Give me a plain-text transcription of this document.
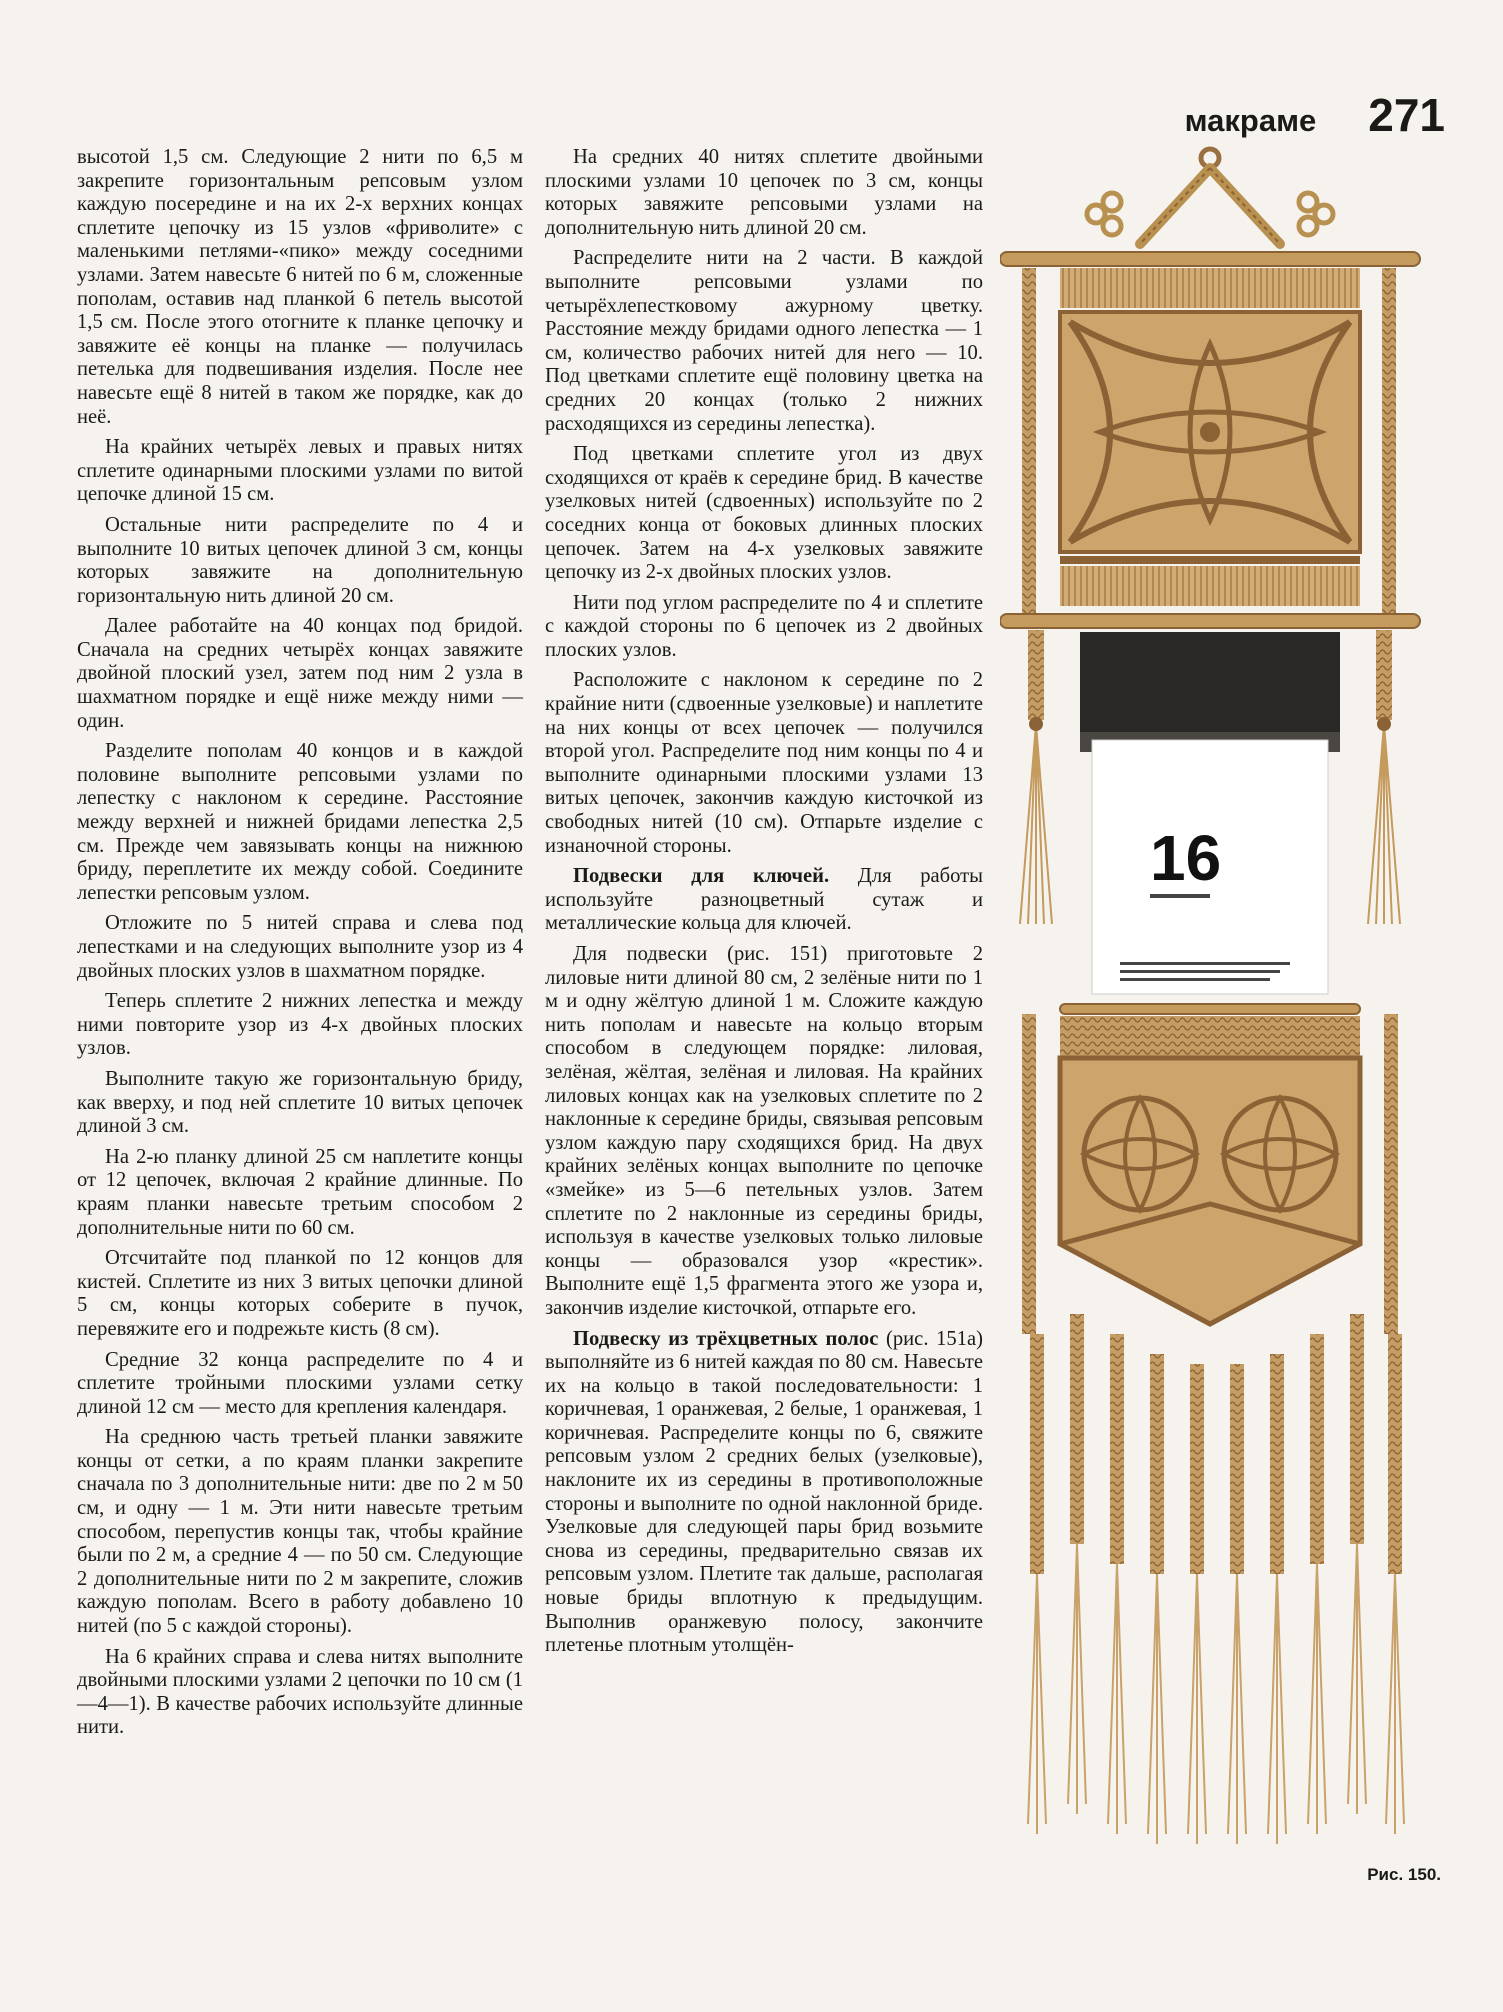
макраме 271

высотой 1,5 см. Следующие 2 нити по 6,5 м закрепите горизонтальным репсовым узлом каждую посередине и на их 2-х верхних концах сплетите цепочку из 15 узлов «фриволите» с маленькими петлями-«пико» между соседними узлами. Затем навесьте 6 нитей по 6 м, сложенные пополам, оставив над планкой 6 петель высотой 1,5 см. После этого отогните к планке цепочку и завяжите её концы на планке — получилась петелька для подвешивания изделия. После нее навесьте ещё 8 нитей в таком же порядке, как до неё.

На крайних четырёх левых и правых нитях сплетите одинарными плоскими узлами по витой цепочке длиной 15 см.

Остальные нити распределите по 4 и выполните 10 витых цепочек длиной 3 см, концы которых завяжите на дополнительную горизонтальную нить длиной 20 см.

Далее работайте на 40 концах под бридой. Сначала на средних четырёх концах завяжите двойной плоский узел, затем под ним 2 узла в шахматном порядке и ещё ниже между ними — один.

Разделите пополам 40 концов и в каждой половине выполните репсовыми узлами по лепестку с наклоном к середине. Расстояние между верхней и нижней бридами лепестка 2,5 см. Прежде чем завязывать концы на нижнюю бриду, переплетите их между собой. Соедините лепестки репсовым узлом.

Отложите по 5 нитей справа и слева под лепестками и на следующих выполните узор из 4 двойных плоских узлов в шахматном порядке.

Теперь сплетите 2 нижних лепестка и между ними повторите узор из 4-х двойных плоских узлов.

Выполните такую же горизонтальную бриду, как вверху, и под ней сплетите 10 витых цепочек длиной 3 см.

На 2-ю планку длиной 25 см наплетите концы от 12 цепочек, включая 2 крайние длинные. По краям планки навесьте третьим способом 2 дополнительные нити по 60 см.

Отсчитайте под планкой по 12 концов для кистей. Сплетите из них 3 витых цепочки длиной 5 см, концы которых соберите в пучок, перевяжите его и подрежьте кисть (8 см).

Средние 32 конца распределите по 4 и сплетите тройными плоскими узлами сетку длиной 12 см — место для крепления календаря.

На среднюю часть третьей планки завяжите концы от сетки, а по краям планки закрепите сначала по 3 дополнительные нити: две по 2 м 50 см, и одну — 1 м. Эти нити навесьте третьим способом, перепустив концы так, чтобы крайние были по 2 м, а средние 4 — по 50 см. Следующие 2 дополнительные нити по 2 м закрепите, сложив каждую пополам. Всего в работу добавлено 10 нитей (по 5 с каждой стороны).

На 6 крайних справа и слева нитях выполните двойными плоскими узлами 2 цепочки по 10 см (1—4—1). В качестве рабочих используйте длинные нити.

На средних 40 нитях сплетите двойными плоскими узлами 10 цепочек по 3 см, концы которых завяжите репсовыми узлами на дополнительную нить длиной 20 см.

Распределите нити на 2 части. В каждой выполните репсовыми узлами по четырёхлепестковому ажурному цветку. Расстояние между бридами одного лепестка — 1 см, количество рабочих нитей для него — 10. Под цветками сплетите ещё половину цветка на средних 20 концах (только 2 нижних расходящихся из середины лепестка).

Под цветками сплетите угол из двух сходящихся от краёв к середине брид. В качестве узелковых нитей (сдвоенных) используйте по 2 соседних конца от боковых длинных плоских цепочек. Затем на 4-х узелковых завяжите цепочку из 2-х двойных плоских узлов.

Нити под углом распределите по 4 и сплетите с каждой стороны по 6 цепочек из 2 двойных плоских узлов.

Расположите с наклоном к середине по 2 крайние нити (сдвоенные узелковые) и наплетите на них концы от всех цепочек — получился второй угол. Распределите под ним концы по 4 и выполните одинарными плоскими узлами 13 витых цепочек, закончив каждую кисточкой из свободных нитей (10 см). Отпарьте изделие с изнаночной стороны.

Подвески для ключей. Для работы используйте разноцветный сутаж и металлические кольца для ключей.

Для подвески (рис. 151) приготовьте 2 лиловые нити длиной 80 см, 2 зелёные нити по 1 м и одну жёлтую длиной 1 м. Сложите каждую нить пополам и навесьте на кольцо вторым способом в следующем порядке: лиловая, зелёная, жёлтая, зелёная и лиловая. На крайних лиловых концах как на узелковых сплетите по 2 наклонные к середине бриды, связывая репсовым узлом каждую пару сходящихся брид. На двух крайних зелёных концах выполните по цепочке «змейке» из 5—6 петельных узлов. Затем сплетите по 2 наклонные из середины бриды, используя в качестве узелковых только лиловые концы — образовался узор «крестик». Выполните ещё 1,5 фрагмента этого же узора и, закончив изделие кисточкой, отпарьте его.

Подвеску из трёхцветных полос (рис. 151а) выполняйте из 6 нитей каждая по 80 см. Навесьте их на кольцо в такой последовательности: 1 коричневая, 1 оранжевая, 2 белые, 1 оранжевая, 1 коричневая. Распределите концы по 6, свяжите репсовым узлом 2 средних белых (узелковые), наклоните их из середины в противоположные стороны и выполните по одной наклонной бриде. Узелковые для следующей пары брид возьмите снова из середины, предварительно связав их репсовым узлом. Плетите так дальше, располагая новые бриды вплотную к предыдущим. Выполнив оранжевую полосу, закончите плетенье плотным утолщён-

16
Рис. 150.
